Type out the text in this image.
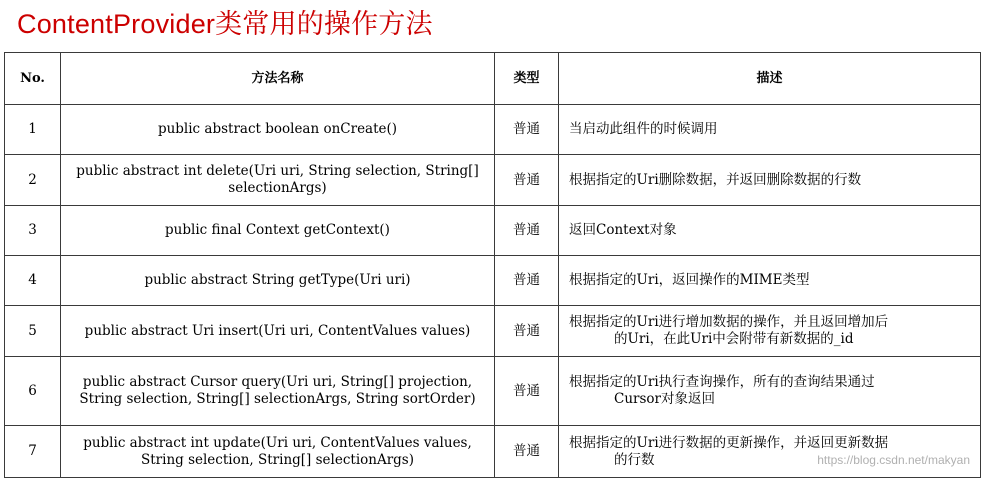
ContentProvider类常用的操作方法
No.	方法名称	类型	描述
1	public abstract boolean onCreate()	普通	当启动此组件的时候调用

2	public abstract int delete(Uri uri, String selection, String[] selectionArgs)	普通	根据指定的Uri删除数据，并返回删除数据的行数

3	public final Context getContext()	普通	返回Context对象

4	public abstract String getType(Uri uri)	普通	根据指定的Uri，返回操作的MIME类型

5	public abstract Uri insert(Uri uri, ContentValues values)	普通	根据指定的Uri进行增加数据的操作，并且返回增加后
的Uri，在此Uri中会附带有新数据的_id

6	public abstract Cursor query(Uri uri, String[] projection, String selection, String[] selectionArgs, String sortOrder)	普通	根据指定的Uri执行查询操作，所有的查询结果通过
Cursor对象返回

7	public abstract int update(Uri uri, ContentValues values, String selection, String[] selectionArgs)	普通	根据指定的Uri进行数据的更新操作，并返回更新数据
的行数	https://blog.csdn.net/makyan
